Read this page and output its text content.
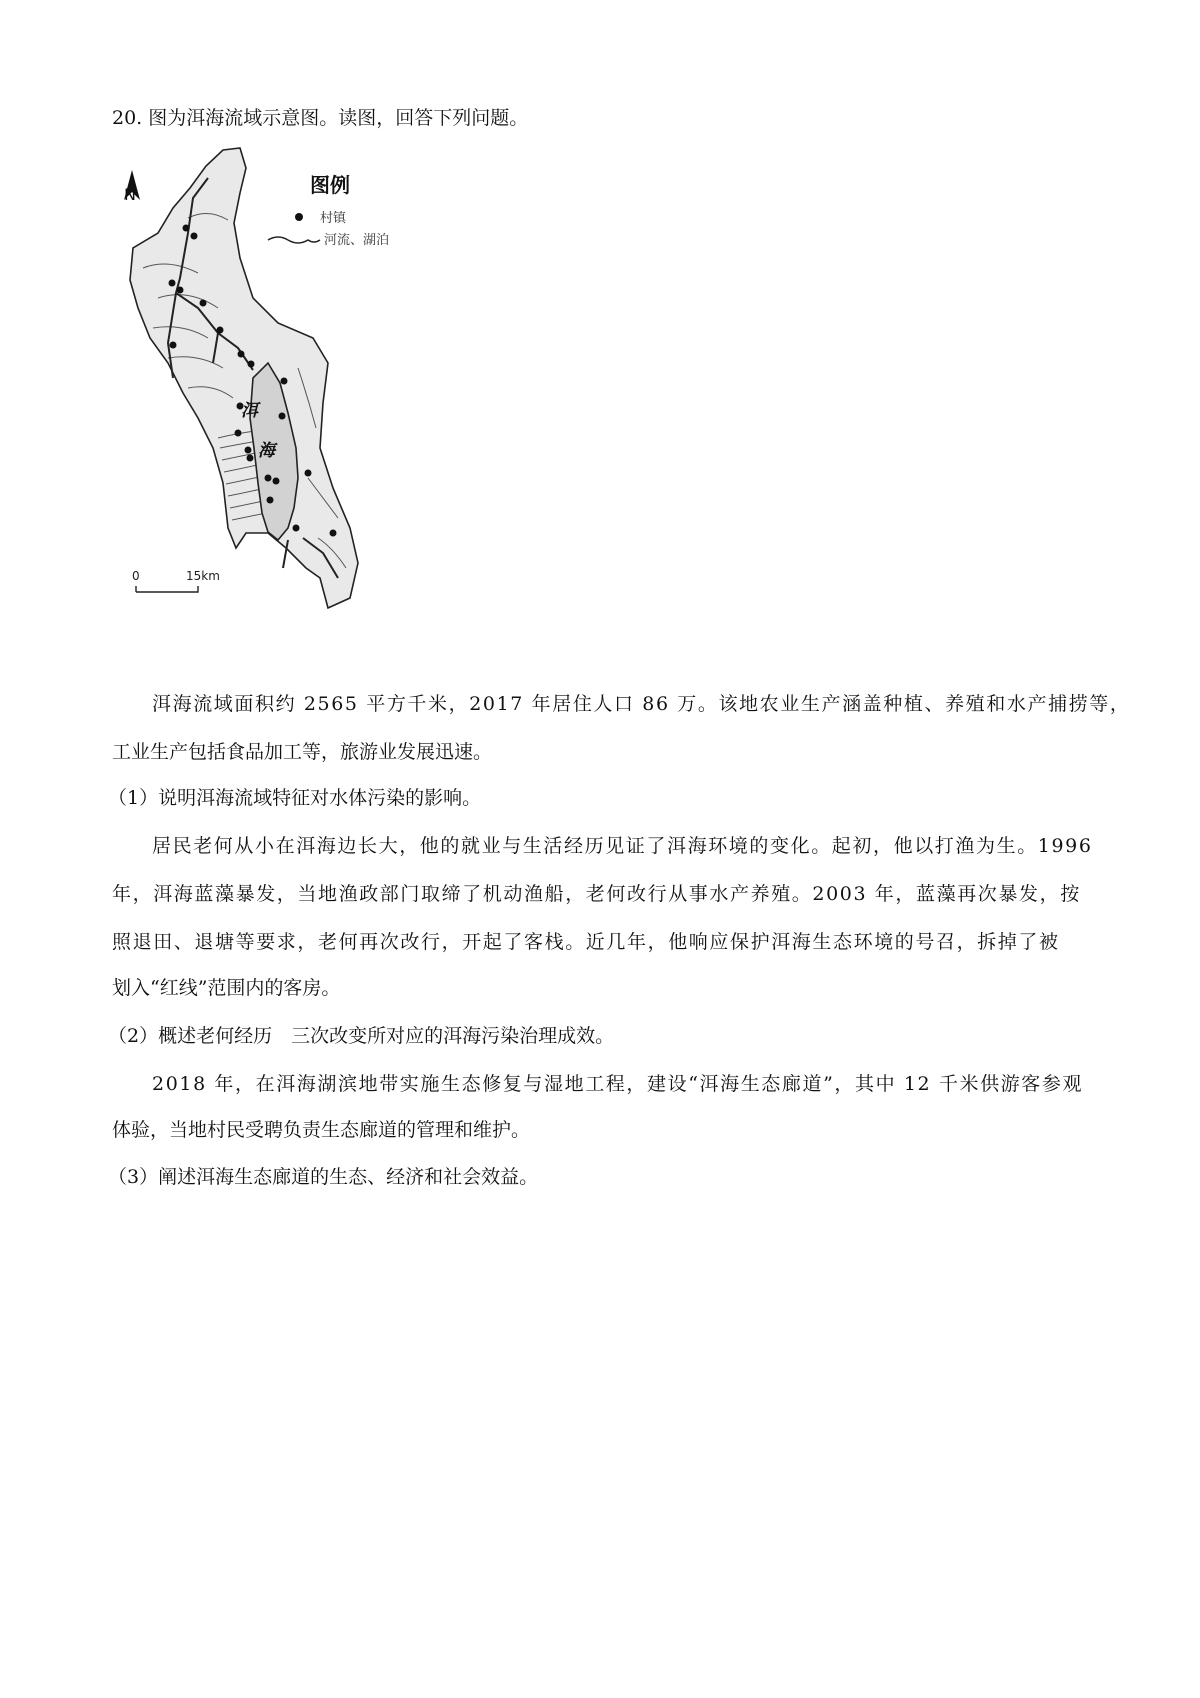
20. 图为洱海流域示意图。读图，回答下列问题。
洱
海
N	图例
村镇
河流、湖泊
0	15km
洱海流域面积约 2565 平方千米，2017 年居住人口 86 万。该地农业生产涵盖种植、养殖和水产捕捞等，
工业生产包括食品加工等，旅游业发展迅速。
（1）说明洱海流域特征对水体污染的影响。
居民老何从小在洱海边长大，他的就业与生活经历见证了洱海环境的变化。起初，他以打渔为生。1996
年，洱海蓝藻暴发，当地渔政部门取缔了机动渔船，老何改行从事水产养殖。2003 年，蓝藻再次暴发，按
照退田、退塘等要求，老何再次改行，开起了客栈。近几年，他响应保护洱海生态环境的号召，拆掉了被
划入“红线”范围内的客房。
（2）概述老何经历　三次改变所对应的洱海污染治理成效。
2018 年，在洱海湖滨地带实施生态修复与湿地工程，建设“洱海生态廊道”，其中 12 千米供游客参观
体验，当地村民受聘负责生态廊道的管理和维护。
（3）阐述洱海生态廊道的生态、经济和社会效益。
